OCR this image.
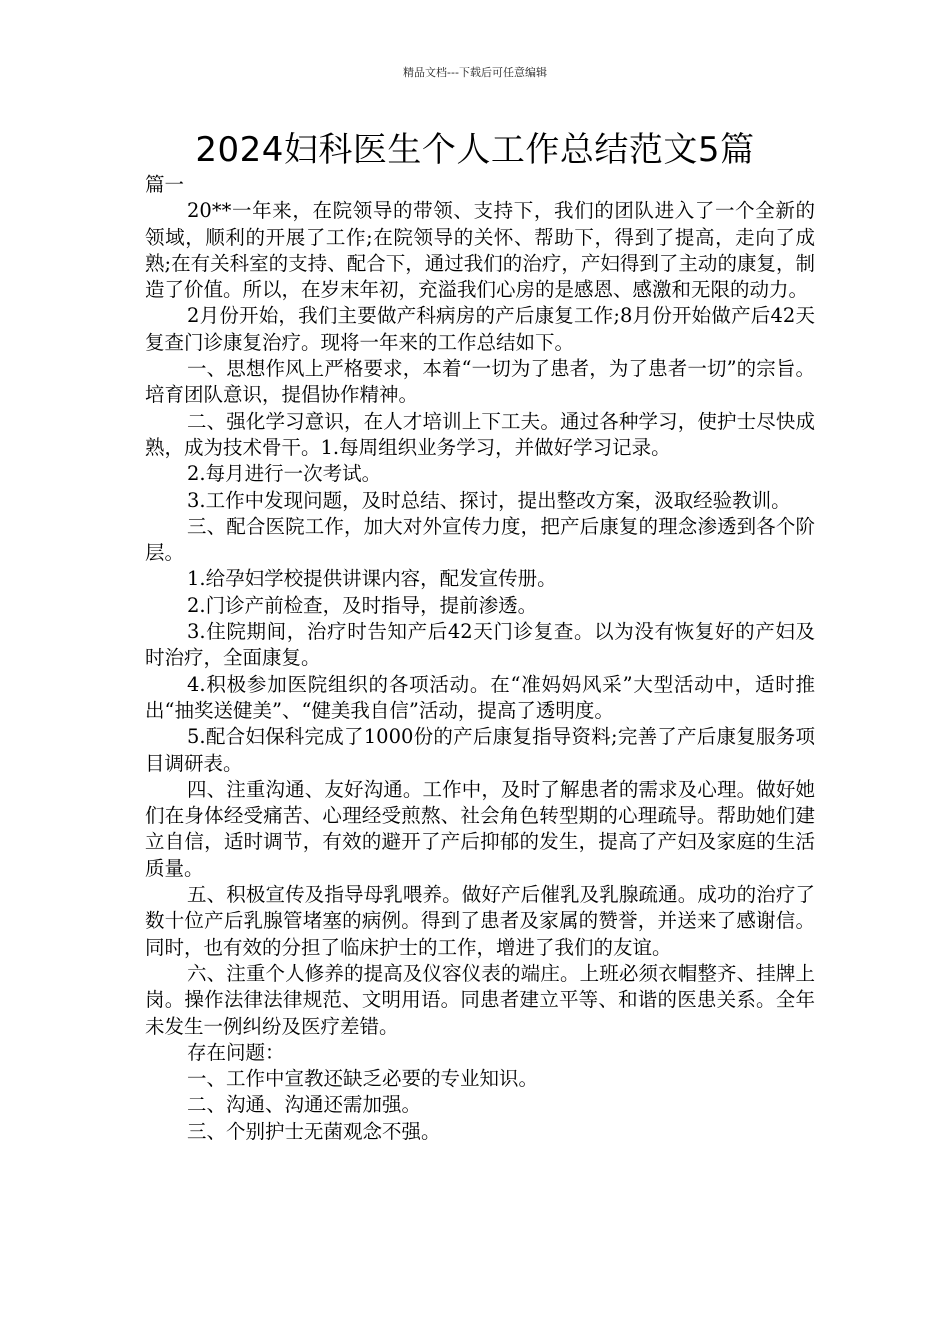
精品文档---下载后可任意编辑
2024妇科医生个人工作总结范文5篇

篇一

20**一年来，在院领导的带领、支持下，我们的团队进入了一个全新的领域，顺利的开展了工作;在院领导的关怀、帮助下，得到了提高，走向了成熟;在有关科室的支持、配合下，通过我们的治疗，产妇得到了主动的康复，制造了价值。所以，在岁末年初，充溢我们心房的是感恩、感激和无限的动力。

2月份开始，我们主要做产科病房的产后康复工作;8月份开始做产后42天复查门诊康复治疗。现将一年来的工作总结如下。

一、思想作风上严格要求，本着“一切为了患者，为了患者一切”的宗旨。培育团队意识，提倡协作精神。

二、强化学习意识，在人才培训上下工夫。通过各种学习，使护士尽快成熟，成为技术骨干。1.每周组织业务学习，并做好学习记录。

2.每月进行一次考试。

3.工作中发现问题，及时总结、探讨，提出整改方案，汲取经验教训。

三、配合医院工作，加大对外宣传力度，把产后康复的理念渗透到各个阶层。

1.给孕妇学校提供讲课内容，配发宣传册。

2.门诊产前检查，及时指导，提前渗透。

3.住院期间，治疗时告知产后42天门诊复查。以为没有恢复好的产妇及时治疗，全面康复。

4.积极参加医院组织的各项活动。在“准妈妈风采”大型活动中，适时推出“抽奖送健美”、“健美我自信”活动，提高了透明度。

5.配合妇保科完成了1000份的产后康复指导资料;完善了产后康复服务项目调研表。

四、注重沟通、友好沟通。工作中，及时了解患者的需求及心理。做好她们在身体经受痛苦、心理经受煎熬、社会角色转型期的心理疏导。帮助她们建立自信，适时调节，有效的避开了产后抑郁的发生，提高了产妇及家庭的生活质量。

五、积极宣传及指导母乳喂养。做好产后催乳及乳腺疏通。成功的治疗了数十位产后乳腺管堵塞的病例。得到了患者及家属的赞誉，并送来了感谢信。同时，也有效的分担了临床护士的工作，增进了我们的友谊。

六、注重个人修养的提高及仪容仪表的端庄。上班必须衣帽整齐、挂牌上岗。操作法律法律规范、文明用语。同患者建立平等、和谐的医患关系。全年未发生一例纠纷及医疗差错。

存在问题：

一、工作中宣教还缺乏必要的专业知识。

二、沟通、沟通还需加强。

三、个别护士无菌观念不强。
